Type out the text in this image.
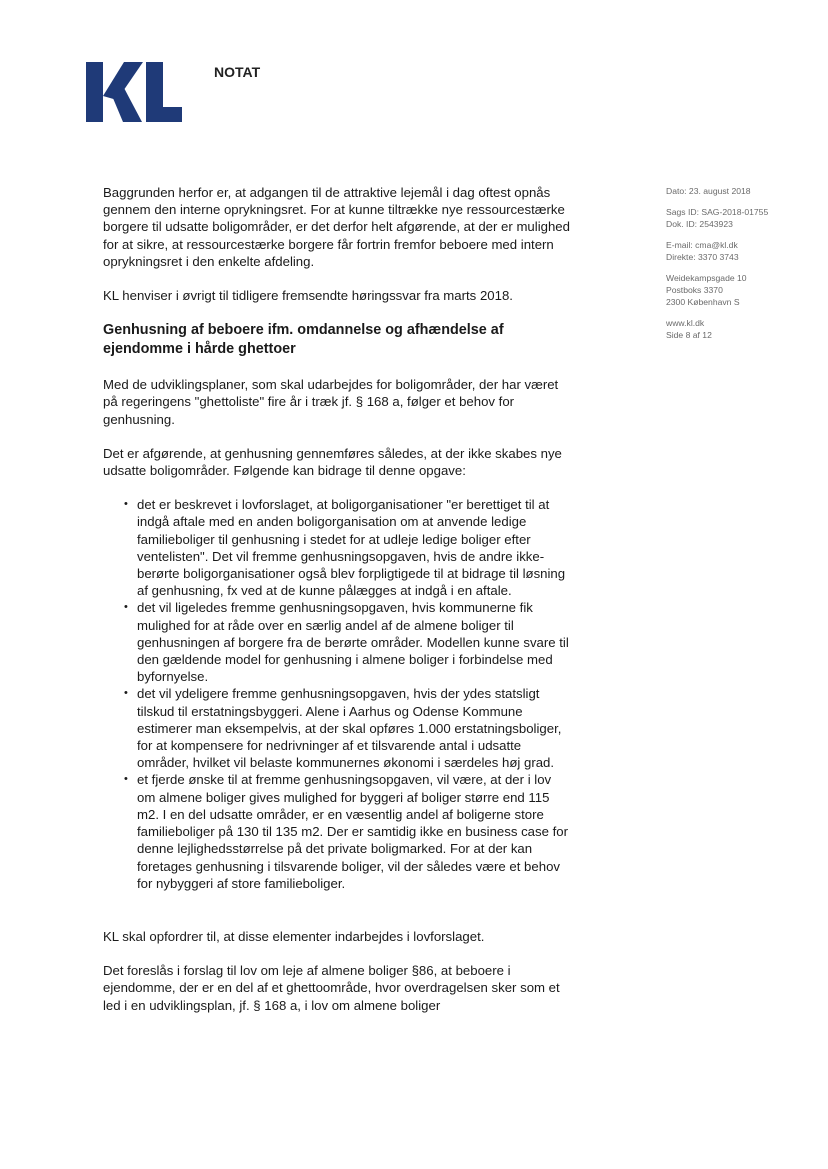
NOTAT
Dato: 23. august 2018
Sags ID: SAG-2018-01755
Dok. ID: 2543923
E-mail: cma@kl.dk
Direkte: 3370 3743
Weidekampsgade 10
Postboks 3370
2300 København S
www.kl.dk
Side 8 af 12

Baggrunden herfor er, at adgangen til de attraktive lejemål i dag oftest opnås gennem den interne oprykningsret. For at kunne tiltrække nye ressourcestærke borgere til udsatte boligområder, er det derfor helt afgørende, at der er mulighed for at sikre, at ressourcestærke borgere får fortrin fremfor beboere med intern oprykningsret i den enkelte afdeling.

KL henviser i øvrigt til tidligere fremsendte høringssvar fra marts 2018.

Genhusning af beboere ifm. omdannelse og afhændelse af ejendomme i hårde ghettoer

Med de udviklingsplaner, som skal udarbejdes for boligområder, der har været på regeringens "ghettoliste" fire år i træk jf. § 168 a, følger et behov for genhusning.

Det er afgørende, at genhusning gennemføres således, at der ikke skabes nye udsatte boligområder. Følgende kan bidrage til denne opgave:

• det er beskrevet i lovforslaget, at boligorganisationer "er berettiget til at indgå aftale med en anden boligorganisation om at anvende ledige familieboliger til genhusning i stedet for at udleje ledige boliger efter ventelisten". Det vil fremme genhusningsopgaven, hvis de andre ikke-berørte boligorganisationer også blev forpligtigede til at bidrage til løsning af genhusning, fx ved at de kunne pålægges at indgå i en aftale.
• det vil ligeledes fremme genhusningsopgaven, hvis kommunerne fik mulighed for at råde over en særlig andel af de almene boliger til genhusningen af borgere fra de berørte områder. Modellen kunne svare til den gældende model for genhusning i almene boliger i forbindelse med byfornyelse.
• det vil ydeligere fremme genhusningsopgaven, hvis der ydes statsligt tilskud til erstatningsbyggeri. Alene i Aarhus og Odense Kommune estimerer man eksempelvis, at der skal opføres 1.000 erstatningsboliger, for at kompensere for nedrivninger af et tilsvarende antal i udsatte områder, hvilket vil belaste kommunernes økonomi i særdeles høj grad.
• et fjerde ønske til at fremme genhusningsopgaven, vil være, at der i lov om almene boliger gives mulighed for byggeri af boliger større end 115 m2. I en del udsatte områder, er en væsentlig andel af boligerne store familieboliger på 130 til 135 m2. Der er samtidig ikke en business case for denne lejlighedsstørrelse på det private boligmarked. For at der kan foretages genhusning i tilsvarende boliger, vil der således være et behov for nybyggeri af store familieboliger.

KL skal opfordrer til, at disse elementer indarbejdes i lovforslaget.

Det foreslås i forslag til lov om leje af almene boliger §86, at beboere i ejendomme, der er en del af et ghettoområde, hvor overdragelsen sker som et led i en udviklingsplan, jf. § 168 a, i lov om almene boliger
